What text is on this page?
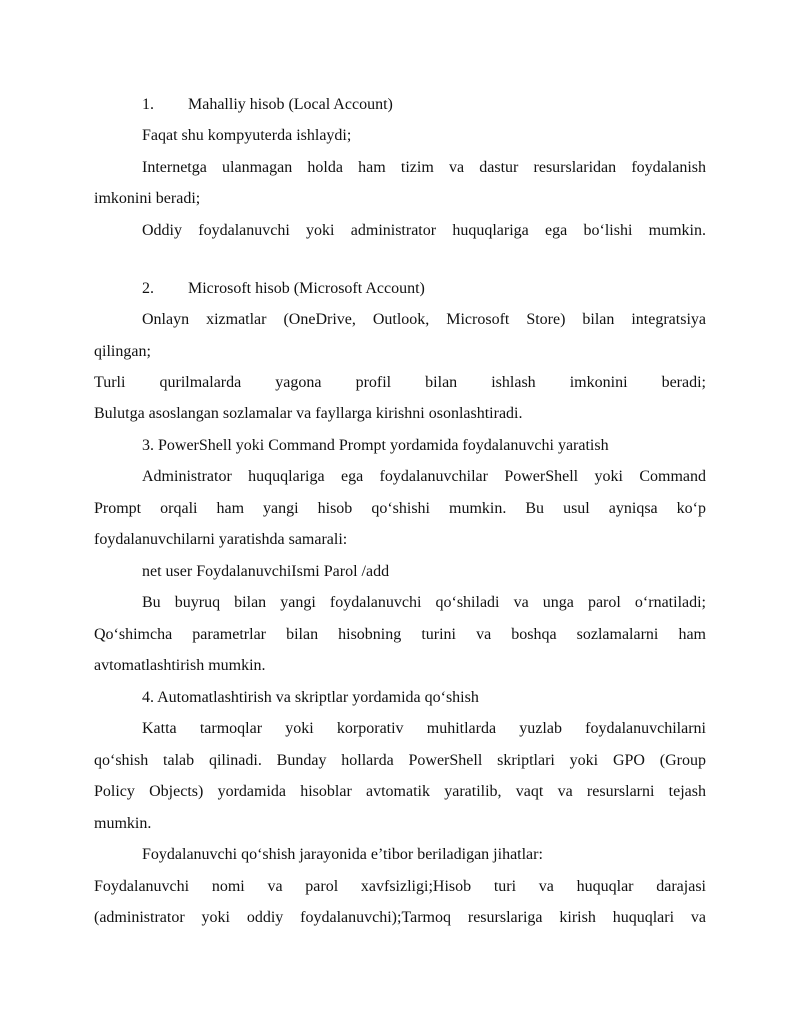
1.	Mahalliy hisob (Local Account)
Faqat shu kompyuterda ishlaydi;
Internetga ulanmagan holda ham tizim va dastur resurslaridan foydalanish
imkonini beradi;
Oddiy foydalanuvchi yoki administrator huquqlariga ega bo‘lishi mumkin.
2.	Microsoft hisob (Microsoft Account)
Onlayn xizmatlar (OneDrive, Outlook, Microsoft Store) bilan integratsiya
qilingan;
Turli qurilmalarda yagona profil bilan ishlash imkonini beradi;
Bulutga asoslangan sozlamalar va fayllarga kirishni osonlashtiradi.
3. PowerShell yoki Command Prompt yordamida foydalanuvchi yaratish
Administrator huquqlariga ega foydalanuvchilar PowerShell yoki Command
Prompt orqali ham yangi hisob qo‘shishi mumkin. Bu usul ayniqsa ko‘p
foydalanuvchilarni yaratishda samarali:
net user FoydalanuvchiIsmi Parol /add
Bu buyruq bilan yangi foydalanuvchi qo‘shiladi va unga parol o‘rnatiladi;
Qo‘shimcha parametrlar bilan hisobning turini va boshqa sozlamalarni ham
avtomatlashtirish mumkin.
4. Automatlashtirish va skriptlar yordamida qo‘shish
Katta tarmoqlar yoki korporativ muhitlarda yuzlab foydalanuvchilarni
qo‘shish talab qilinadi. Bunday hollarda PowerShell skriptlari yoki GPO (Group
Policy Objects) yordamida hisoblar avtomatik yaratilib, vaqt va resurslarni tejash
mumkin.
Foydalanuvchi qo‘shish jarayonida e’tibor beriladigan jihatlar:
Foydalanuvchi nomi va parol xavfsizligi;Hisob turi va huquqlar darajasi
(administrator yoki oddiy foydalanuvchi);Tarmoq resurslariga kirish huquqlari va
